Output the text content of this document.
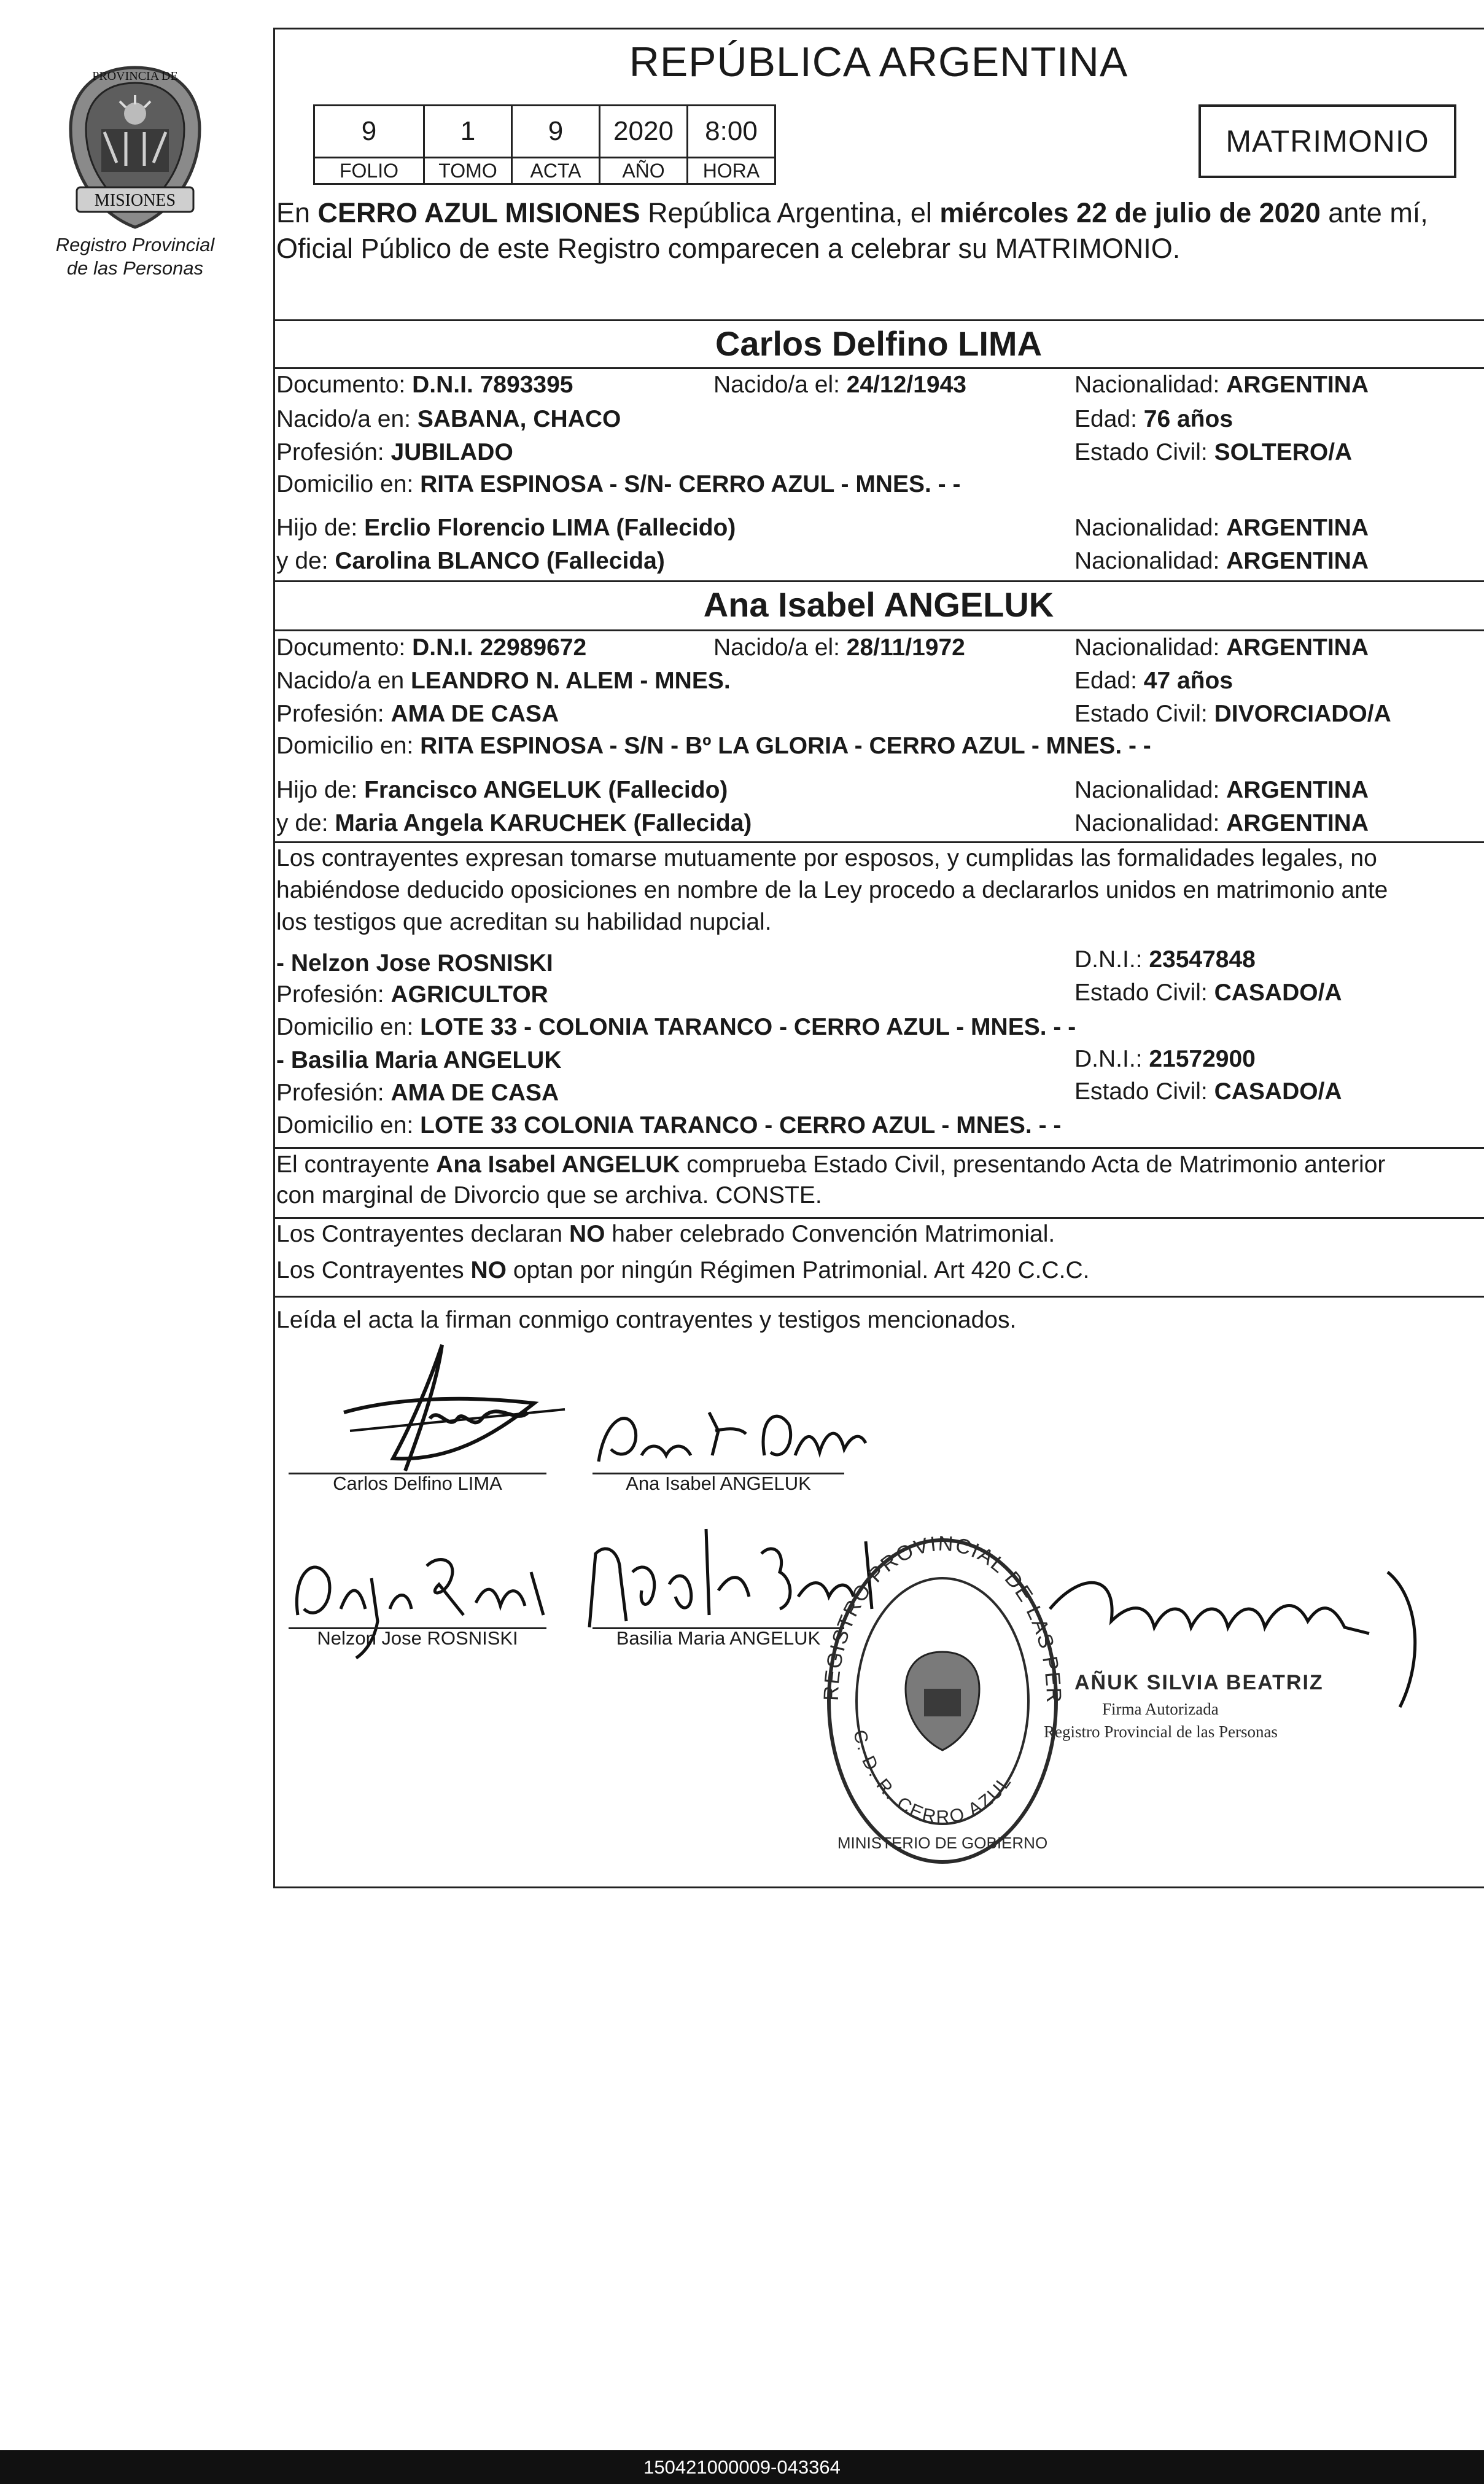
PROVINCIA DE
MISIONES
Registro Provincial
de las Personas
REPÚBLICA ARGENTINA
9	1	9	2020	8:00
FOLIO	TOMO	ACTA	AÑO	HORA
MATRIMONIO
En CERRO AZUL MISIONES República Argentina, el miércoles 22 de julio de 2020 ante mí,
Oficial Público de este Registro comparecen a celebrar su MATRIMONIO.
Carlos Delfino LIMA
Documento: D.N.I. 7893395	Nacido/a el: 24/12/1943	Nacionalidad: ARGENTINA
Nacido/a en: SABANA, CHACO	Edad: 76 años
Profesión: JUBILADO	Estado Civil: SOLTERO/A
Domicilio en: RITA ESPINOSA - S/N- CERRO AZUL - MNES. - -
Hijo de: Erclio Florencio LIMA (Fallecido)	Nacionalidad: ARGENTINA
y de: Carolina BLANCO (Fallecida)	Nacionalidad: ARGENTINA
Ana Isabel ANGELUK
Documento: D.N.I. 22989672	Nacido/a el: 28/11/1972	Nacionalidad: ARGENTINA
Nacido/a en LEANDRO N. ALEM - MNES.	Edad: 47 años
Profesión: AMA DE CASA	Estado Civil: DIVORCIADO/A
Domicilio en: RITA ESPINOSA - S/N - Bº LA GLORIA - CERRO AZUL - MNES. - -
Hijo de: Francisco ANGELUK (Fallecido)	Nacionalidad: ARGENTINA
y de: Maria Angela KARUCHEK (Fallecida)	Nacionalidad: ARGENTINA
Los contrayentes expresan tomarse mutuamente por esposos, y cumplidas las formalidades legales, no
habiéndose deducido oposiciones en nombre de la Ley procedo a declararlos unidos en matrimonio ante
los testigos que acreditan su habilidad nupcial.
- Nelzon Jose ROSNISKI	D.N.I.: 23547848
Profesión: AGRICULTOR	Estado Civil: CASADO/A
Domicilio en: LOTE 33 - COLONIA TARANCO - CERRO AZUL - MNES. - -
- Basilia Maria ANGELUK	D.N.I.: 21572900
Profesión: AMA DE CASA	Estado Civil: CASADO/A
Domicilio en: LOTE 33 COLONIA TARANCO - CERRO AZUL - MNES. - -
El contrayente Ana Isabel ANGELUK comprueba Estado Civil, presentando Acta de Matrimonio anterior
con marginal de Divorcio que se archiva. CONSTE.
Los Contrayentes declaran NO haber celebrado Convención Matrimonial.
Los Contrayentes NO optan por ningún Régimen Patrimonial. Art 420 C.C.C.
Leída el acta la firman conmigo contrayentes y testigos mencionados.
Carlos Delfino LIMA	Ana Isabel ANGELUK
Nelzon Jose ROSNISKI	Basilia Maria ANGELUK
REGISTRO PROVINCIAL DE LAS PERSONAS
C. D. R. CERRO AZUL
MINISTERIO DE GOBIERNO
AÑUK SILVIA BEATRIZ
Firma Autorizada
Registro Provincial de las Personas
150421000009-043364
